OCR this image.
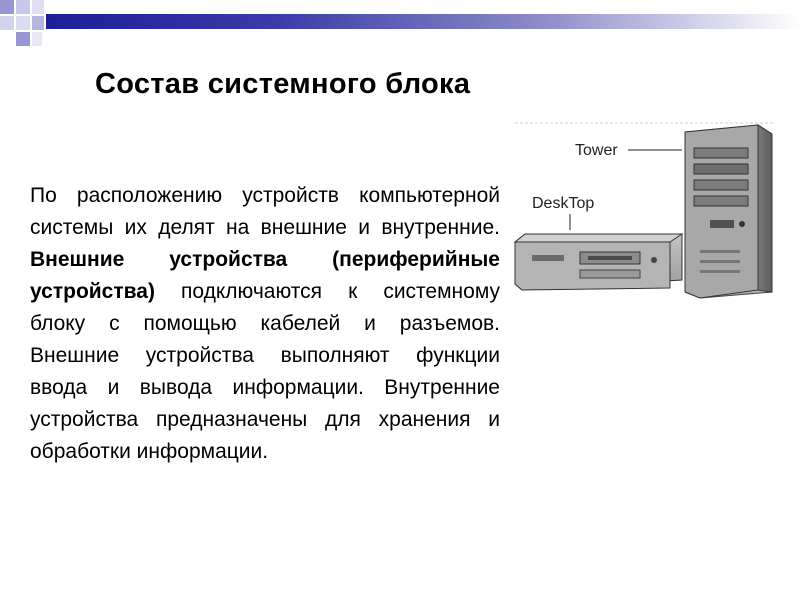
Состав системного блока
По расположению устройств компьютерной системы их делят на внешние и внутренние. Внешние устройства (периферийные устройства) подключаются к системному блоку с помощью кабелей и разъемов. Внешние устройства выполняют функции ввода и вывода информации. Внутренние устройства предназначены для хранения и обработки информации.
Tower
DeskTop
